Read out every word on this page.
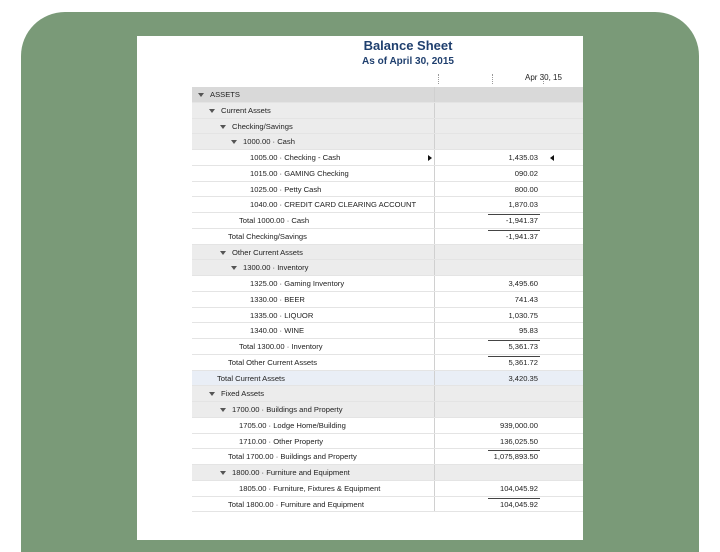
Balance Sheet
As of April 30, 2015
Apr 30, 15
ASSETS
Current Assets
Checking/Savings
1000.00 · Cash
1005.00 · Checking - Cash	1,435.03
1015.00 · GAMING Checking	090.02
1025.00 · Petty Cash	800.00
1040.00 · CREDIT CARD CLEARING ACCOUNT	1,870.03
Total 1000.00 · Cash	-1,941.37
Total Checking/Savings	-1,941.37
Other Current Assets
1300.00 · Inventory
1325.00 · Gaming Inventory	3,495.60
1330.00 · BEER	741.43
1335.00 · LIQUOR	1,030.75
1340.00 · WINE	95.83
Total 1300.00 · Inventory	5,361.73
Total Other Current Assets	5,361.72
Total Current Assets	3,420.35
Fixed Assets
1700.00 · Buildings and Property
1705.00 · Lodge Home/Building	939,000.00
1710.00 · Other Property	136,025.50
Total 1700.00 · Buildings and Property	1,075,893.50
1800.00 · Furniture and Equipment
1805.00 · Furniture, Fixtures & Equipment	104,045.92
Total 1800.00 · Furniture and Equipment	104,045.92
